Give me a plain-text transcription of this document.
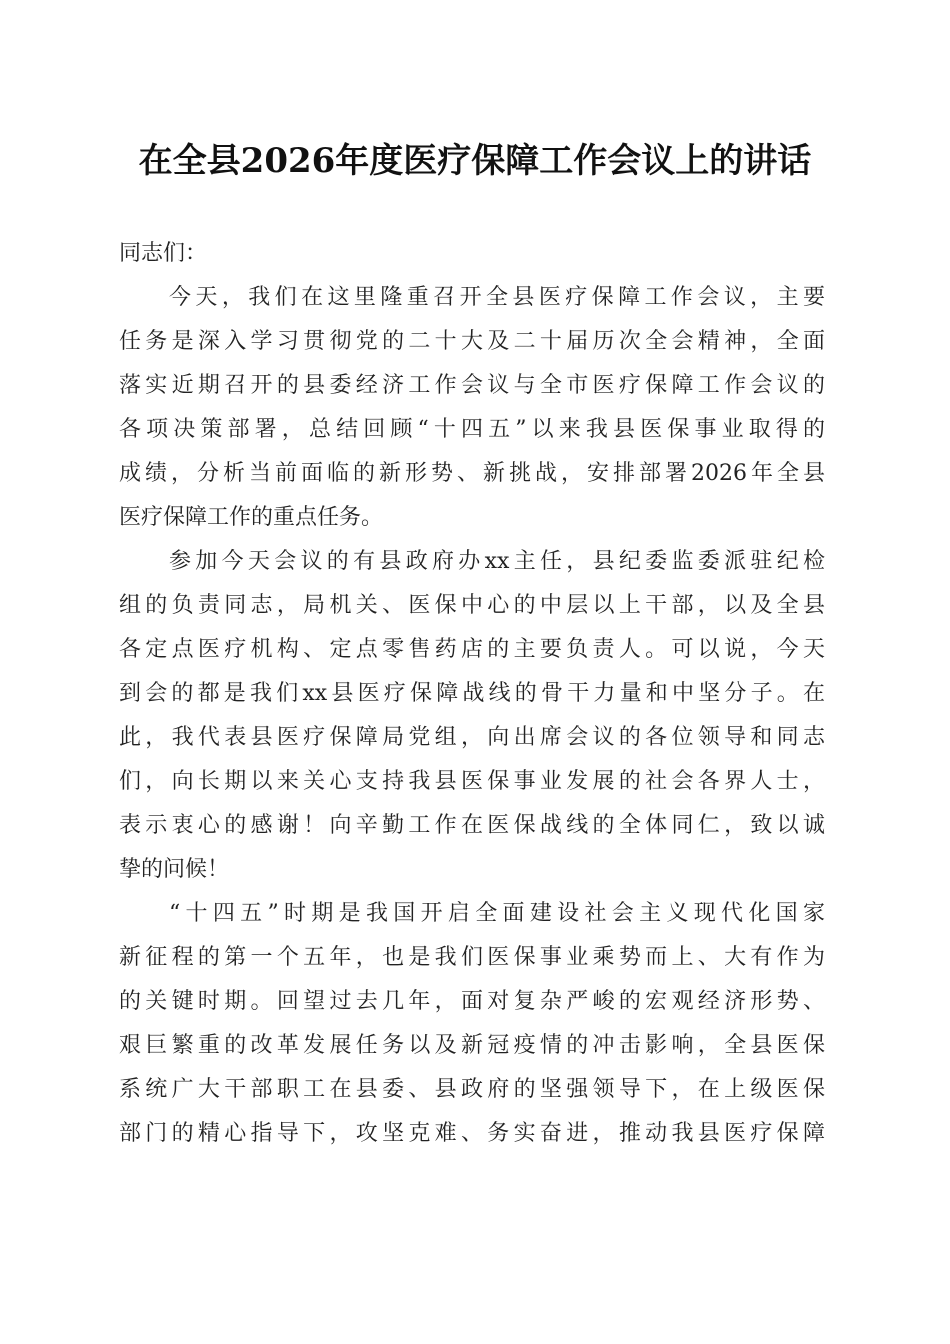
在全县2026年度医疗保障工作会议上的讲话
同志们：
今天，我们在这里隆重召开全县医疗保障工作会议，主要
任务是深入学习贯彻党的二十大及二十届历次全会精神，全面
落实近期召开的县委经济工作会议与全市医疗保障工作会议的
各项决策部署，总结回顾“十四五”以来我县医保事业取得的
成绩，分析当前面临的新形势、新挑战，安排部署2026年全县
医疗保障工作的重点任务。
参加今天会议的有县政府办xx主任，县纪委监委派驻纪检
组的负责同志，局机关、医保中心的中层以上干部，以及全县
各定点医疗机构、定点零售药店的主要负责人。可以说，今天
到会的都是我们xx县医疗保障战线的骨干力量和中坚分子。在
此，我代表县医疗保障局党组，向出席会议的各位领导和同志
们，向长期以来关心支持我县医保事业发展的社会各界人士，
表示衷心的感谢！向辛勤工作在医保战线的全体同仁，致以诚
挚的问候！
“十四五”时期是我国开启全面建设社会主义现代化国家
新征程的第一个五年，也是我们医保事业乘势而上、大有作为
的关键时期。回望过去几年，面对复杂严峻的宏观经济形势、
艰巨繁重的改革发展任务以及新冠疫情的冲击影响，全县医保
系统广大干部职工在县委、县政府的坚强领导下，在上级医保
部门的精心指导下，攻坚克难、务实奋进，推动我县医疗保障
